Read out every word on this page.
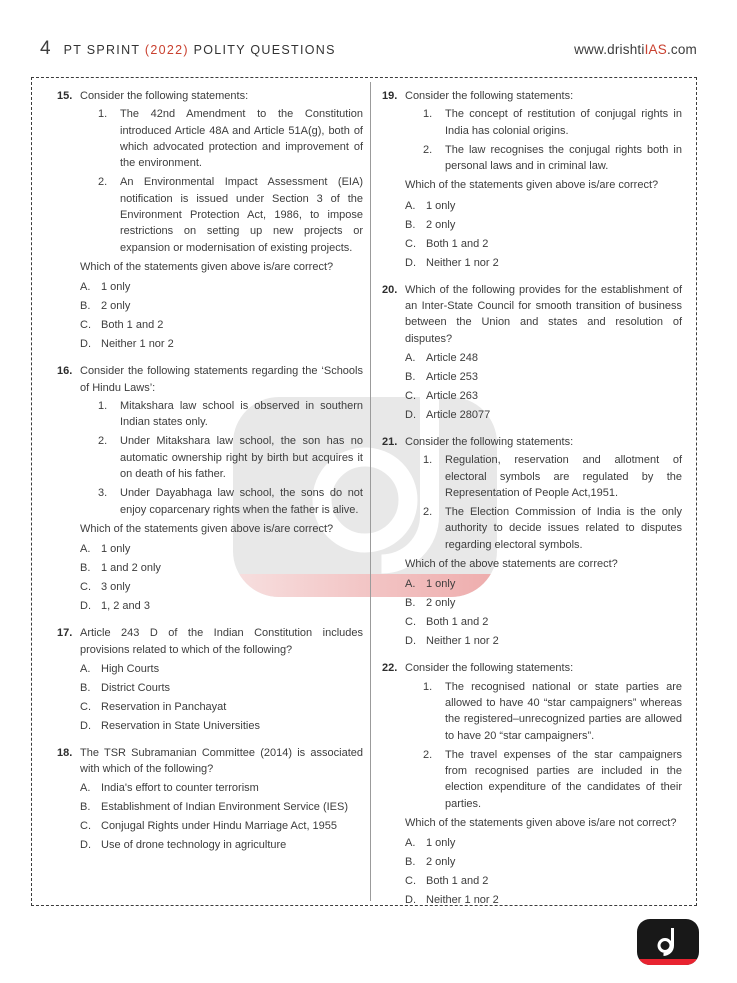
4 PT SPRINT (2022) POLITY QUESTIONS	www.drishtiIAS.com
15. Consider the following statements:

1.	The 42nd Amendment to the Constitution introduced Article 48A and Article 51A(g), both of which advocated protection and improvement of the environment.
2.	An Environmental Impact Assessment (EIA) notification is issued under Section 3 of the Environment Protection Act, 1986, to impose restrictions on setting up new projects or expansion or modernisation of existing projects.

Which of the statements given above is/are correct?

A. 1 only
B. 2 only
C. Both 1 and 2
D. Neither 1 nor 2
16. Consider the following statements regarding the ‘Schools of Hindu Laws’:

1.	Mitakshara law school is observed in southern Indian states only.
2.	Under Mitakshara law school, the son has no automatic ownership right by birth but acquires it on death of his father.
3.	Under Dayabhaga law school, the sons do not enjoy coparcenary rights when the father is alive.

Which of the statements given above is/are correct?

A. 1 only
B. 1 and 2 only
C. 3 only
D. 1, 2 and 3
17. Article 243 D of the Indian Constitution includes provisions related to which of the following?

A. High Courts
B. District Courts
C. Reservation in Panchayat
D. Reservation in State Universities
18. The TSR Subramanian Committee (2014) is associated with which of the following?

A. India's effort to counter terrorism
B. Establishment of Indian Environment Service (IES)
C. Conjugal Rights under Hindu Marriage Act, 1955
D. Use of drone technology in agriculture
19. Consider the following statements:

1.	The concept of restitution of conjugal rights in India has colonial origins.
2.	The law recognises the conjugal rights both in personal laws and in criminal law.

Which of the statements given above is/are correct?

A. 1 only
B. 2 only
C. Both 1 and 2
D. Neither 1 nor 2
20. Which of the following provides for the establishment of an Inter-State Council for smooth transition of business between the Union and states and resolution of disputes?

A. Article 248
B. Article 253
C. Article 263
D. Article 28077
21. Consider the following statements:

1.	Regulation, reservation and allotment of electoral symbols are regulated by the Representation of People Act,1951.
2.	The Election Commission of India is the only authority to decide issues related to disputes regarding electoral symbols.

Which of the above statements are correct?

A. 1 only
B. 2 only
C. Both 1 and 2
D. Neither 1 nor 2
22. Consider the following statements:

1.	The recognised national or state parties are allowed to have 40 “star campaigners” whereas the registered–unrecognized parties are allowed to have 20 “star campaigners”.
2.	The travel expenses of the star campaigners from recognised parties are included in the election expenditure of the candidates of their parties.

Which of the statements given above is/are not correct?

A. 1 only
B. 2 only
C. Both 1 and 2
D. Neither 1 nor 2
